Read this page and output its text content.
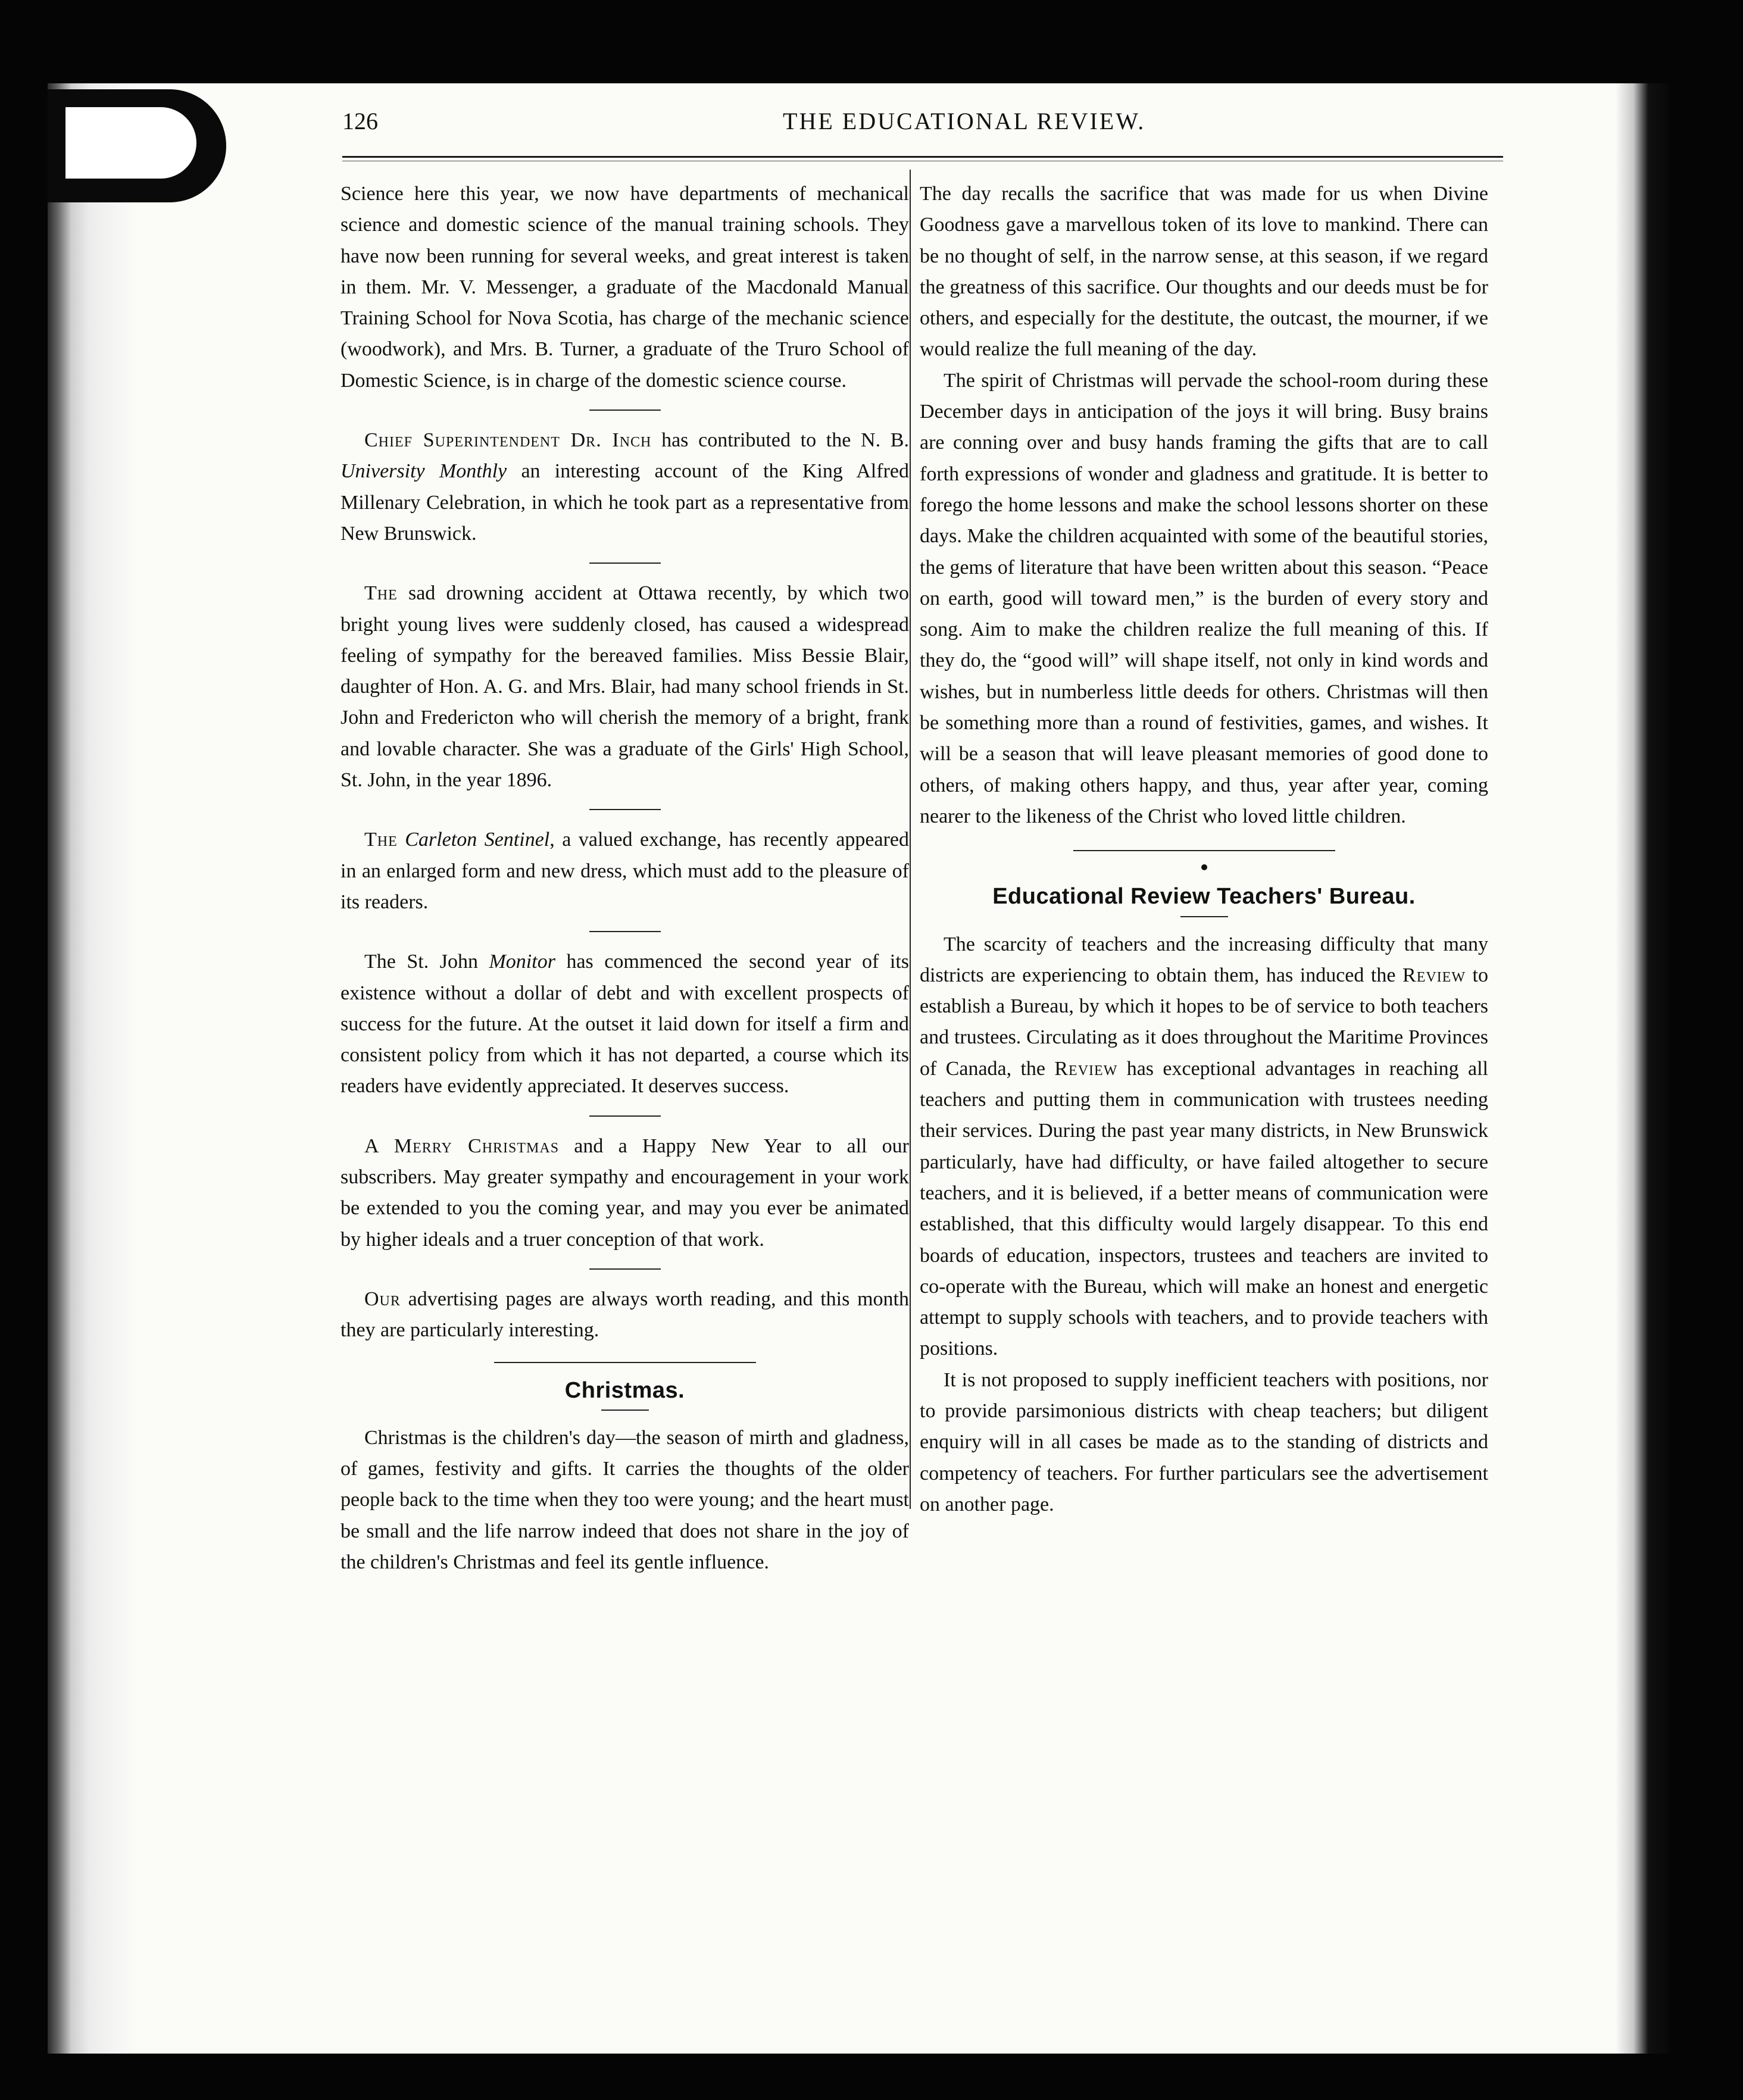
126	THE EDUCATIONAL REVIEW.

Science here this year, we now have departments of mechanical science and domestic science of the manual training schools. They have now been running for several weeks, and great interest is taken in them. Mr. V. Messenger, a graduate of the Macdonald Manual Training School for Nova Scotia, has charge of the mechanic science (woodwork), and Mrs. B. Turner, a graduate of the Truro School of Domestic Science, is in charge of the domestic science course.

Chief Superintendent Dr. Inch has contributed to the N. B. University Monthly an interesting account of the King Alfred Millenary Celebration, in which he took part as a representative from New Brunswick.

The sad drowning accident at Ottawa recently, by which two bright young lives were suddenly closed, has caused a widespread feeling of sympathy for the bereaved families. Miss Bessie Blair, daughter of Hon. A. G. and Mrs. Blair, had many school friends in St. John and Fredericton who will cherish the memory of a bright, frank and lovable character. She was a graduate of the Girls' High School, St. John, in the year 1896.

The Carleton Sentinel, a valued exchange, has recently appeared in an enlarged form and new dress, which must add to the pleasure of its readers.

The St. John Monitor has commenced the second year of its existence without a dollar of debt and with excellent prospects of success for the future. At the outset it laid down for itself a firm and consistent policy from which it has not departed, a course which its readers have evidently appreciated. It deserves success.

A Merry Christmas and a Happy New Year to all our subscribers. May greater sympathy and encouragement in your work be extended to you the coming year, and may you ever be animated by higher ideals and a truer conception of that work.

Our advertising pages are always worth reading, and this month they are particularly interesting.

Christmas.

Christmas is the children's day—the season of mirth and gladness, of games, festivity and gifts. It carries the thoughts of the older people back to the time when they too were young; and the heart must be small and the life narrow indeed that does not share in the joy of the children's Christmas and feel its gentle influence.

The day recalls the sacrifice that was made for us when Divine Goodness gave a marvellous token of its love to mankind. There can be no thought of self, in the narrow sense, at this season, if we regard the greatness of this sacrifice. Our thoughts and our deeds must be for others, and especially for the destitute, the outcast, the mourner, if we would realize the full meaning of the day.

The spirit of Christmas will pervade the school-room during these December days in anticipation of the joys it will bring. Busy brains are conning over and busy hands framing the gifts that are to call forth expressions of wonder and gladness and gratitude. It is better to forego the home lessons and make the school lessons shorter on these days. Make the children acquainted with some of the beautiful stories, the gems of literature that have been written about this season. “Peace on earth, good will toward men,” is the burden of every story and song. Aim to make the children realize the full meaning of this. If they do, the “good will” will shape itself, not only in kind words and wishes, but in numberless little deeds for others. Christmas will then be something more than a round of festivities, games, and wishes. It will be a season that will leave pleasant memories of good done to others, of making others happy, and thus, year after year, coming nearer to the likeness of the Christ who loved little children.

Educational Review Teachers' Bureau.

The scarcity of teachers and the increasing difficulty that many districts are experiencing to obtain them, has induced the Review to establish a Bureau, by which it hopes to be of service to both teachers and trustees. Circulating as it does throughout the Maritime Provinces of Canada, the Review has exceptional advantages in reaching all teachers and putting them in communication with trustees needing their services. During the past year many districts, in New Brunswick particularly, have had difficulty, or have failed altogether to secure teachers, and it is believed, if a better means of communication were established, that this difficulty would largely disappear. To this end boards of education, inspectors, trustees and teachers are invited to co-operate with the Bureau, which will make an honest and energetic attempt to supply schools with teachers, and to provide teachers with positions.

It is not proposed to supply inefficient teachers with positions, nor to provide parsimonious districts with cheap teachers; but diligent enquiry will in all cases be made as to the standing of districts and competency of teachers. For further particulars see the advertisement on another page.
